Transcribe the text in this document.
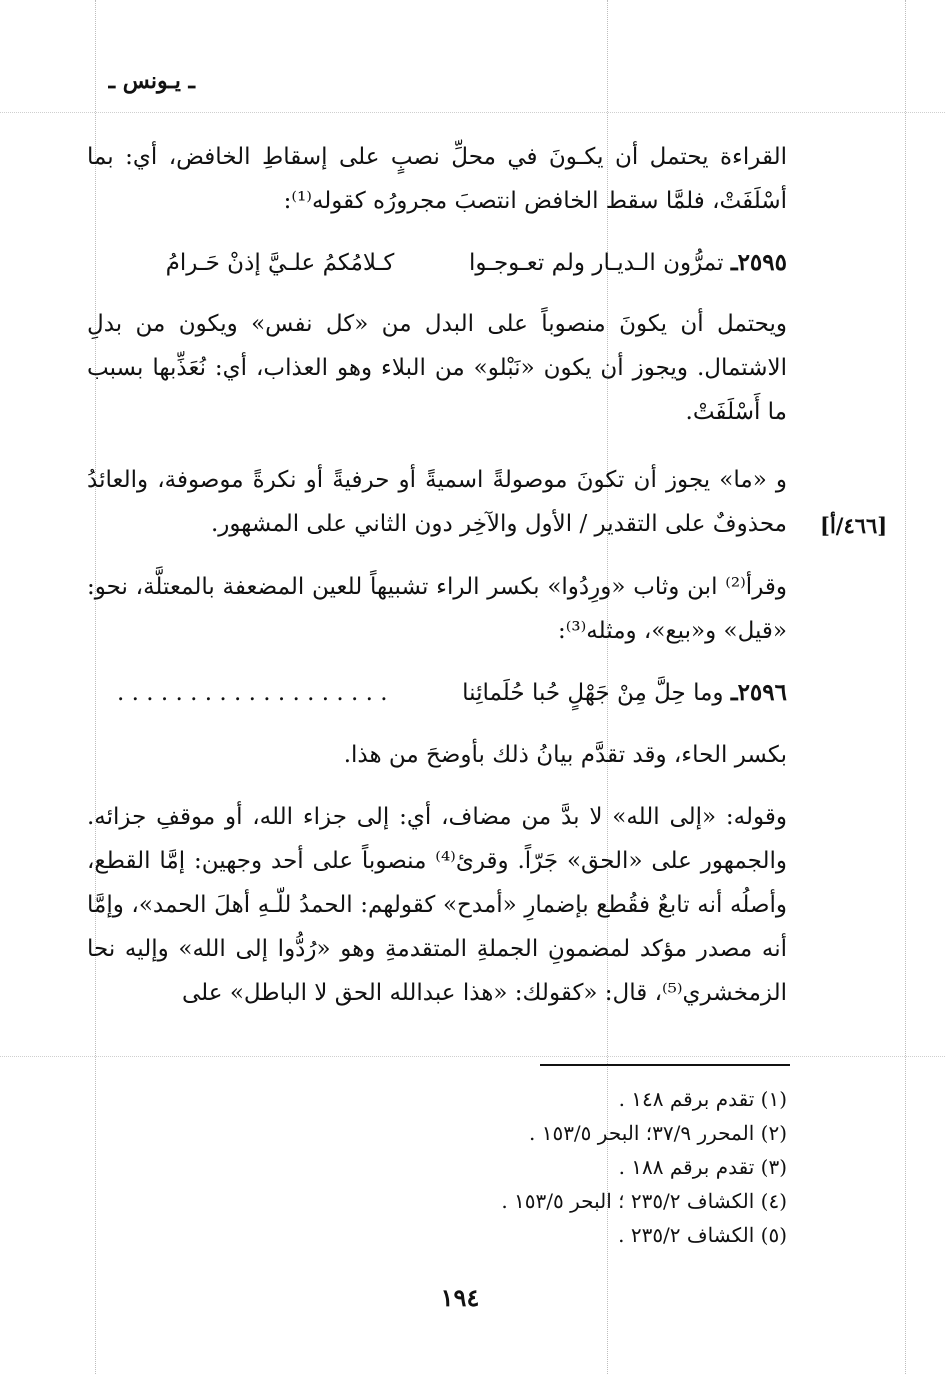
ـ يـونس ـ
القراءة يحتمل أن يكـونَ في محلِّ نصبٍ على إسقاطِ الخافض، أي: بما أسْلَفَتْ، فلمَّا سقط الخافض انتصبَ مجرورُه كقوله⁽¹⁾:
٢٥٩٥ـ تمرُّون الـديـار ولم تعـوجـوا  كـلامُكمُ علـيَّ إذنْ حَـرامُ
ويحتمل أن يكونَ منصوباً على البدل من «كل نفس» ويكون من بدلِ الاشتمال. ويجوز أن يكون «نَبْلو» من البلاء وهو العذاب، أي: نُعَذِّبها بسبب ما أَسْلَفَتْ.
و «ما» يجوز أن تكونَ موصولةً اسميةً أو حرفيةً أو نكرةً موصوفة، والعائدُ محذوفٌ على التقدير / الأول والآخِر دون الثاني على المشهور. [٤٦٦/أ]
وقرأ⁽²⁾ ابن وثاب «ورِدُوا» بكسر الراء تشبيهاً للعين المضعفة بالمعتلَّة، نحو: «قيل» و«بيع»، ومثله⁽³⁾:
٢٥٩٦ـ وما حِلَّ مِنْ جَهْلٍ حُبا حُلَمائِنا  . . . . . . . . . . . . . . . . . . .
بكسر الحاء، وقد تقدَّم بيانُ ذلك بأوضحَ من هذا.
وقوله: «إلى الله» لا بدَّ من مضاف، أي: إلى جزاء الله، أو موقفِ جزائه. والجمهور على «الحق» جَرّاً. وقرئ⁽⁴⁾ منصوباً على أحد وجهين: إمَّا القطع، وأصلُه أنه تابعٌ فقُطع بإضمارِ «أمدح» كقولهم: الحمدُ للّـهِ أهلَ الحمد»، وإمَّا أنه مصدر مؤكد لمضمونِ الجملةِ المتقدمةِ وهو «رُدُّوا إلى الله» وإليه نحا الزمخشري⁽⁵⁾، قال: «كقولك: «هذا عبدالله الحق لا الباطل» على
(١) تقدم برقم ١٤٨ .
(٢) المحرر ٣٧/٩؛ البحر ١٥٣/٥ .
(٣) تقدم برقم ١٨٨ .
(٤) الكشاف ٢٣٥/٢ ؛ البحر ١٥٣/٥ .
(٥) الكشاف ٢٣٥/٢ .
١٩٤
